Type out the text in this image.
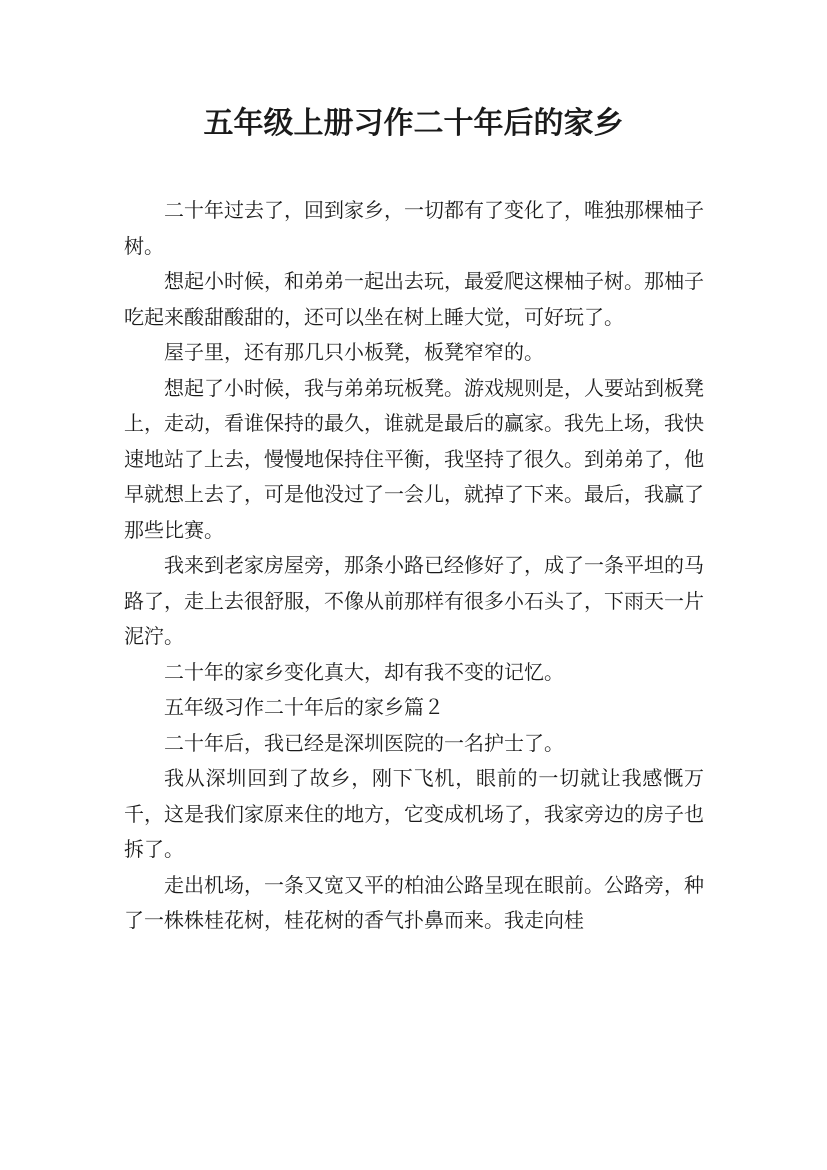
五年级上册习作二十年后的家乡

二十年过去了，回到家乡，一切都有了变化了，唯独那棵柚子树。

想起小时候，和弟弟一起出去玩，最爱爬这棵柚子树。那柚子吃起来酸甜酸甜的，还可以坐在树上睡大觉，可好玩了。

屋子里，还有那几只小板凳，板凳窄窄的。

想起了小时候，我与弟弟玩板凳。游戏规则是，人要站到板凳上，走动，看谁保持的最久，谁就是最后的赢家。我先上场，我快速地站了上去，慢慢地保持住平衡，我坚持了很久。到弟弟了，他早就想上去了，可是他没过了一会儿，就掉了下来。最后，我赢了那些比赛。

我来到老家房屋旁，那条小路已经修好了，成了一条平坦的马路了，走上去很舒服，不像从前那样有很多小石头了，下雨天一片泥泞。

二十年的家乡变化真大，却有我不变的记忆。

五年级习作二十年后的家乡篇２

二十年后，我已经是深圳医院的一名护士了。

我从深圳回到了故乡，刚下飞机，眼前的一切就让我感慨万千，这是我们家原来住的地方，它变成机场了，我家旁边的房子也拆了。

走出机场，一条又宽又平的柏油公路呈现在眼前。公路旁，种了一株株桂花树，桂花树的香气扑鼻而来。我走向桂
